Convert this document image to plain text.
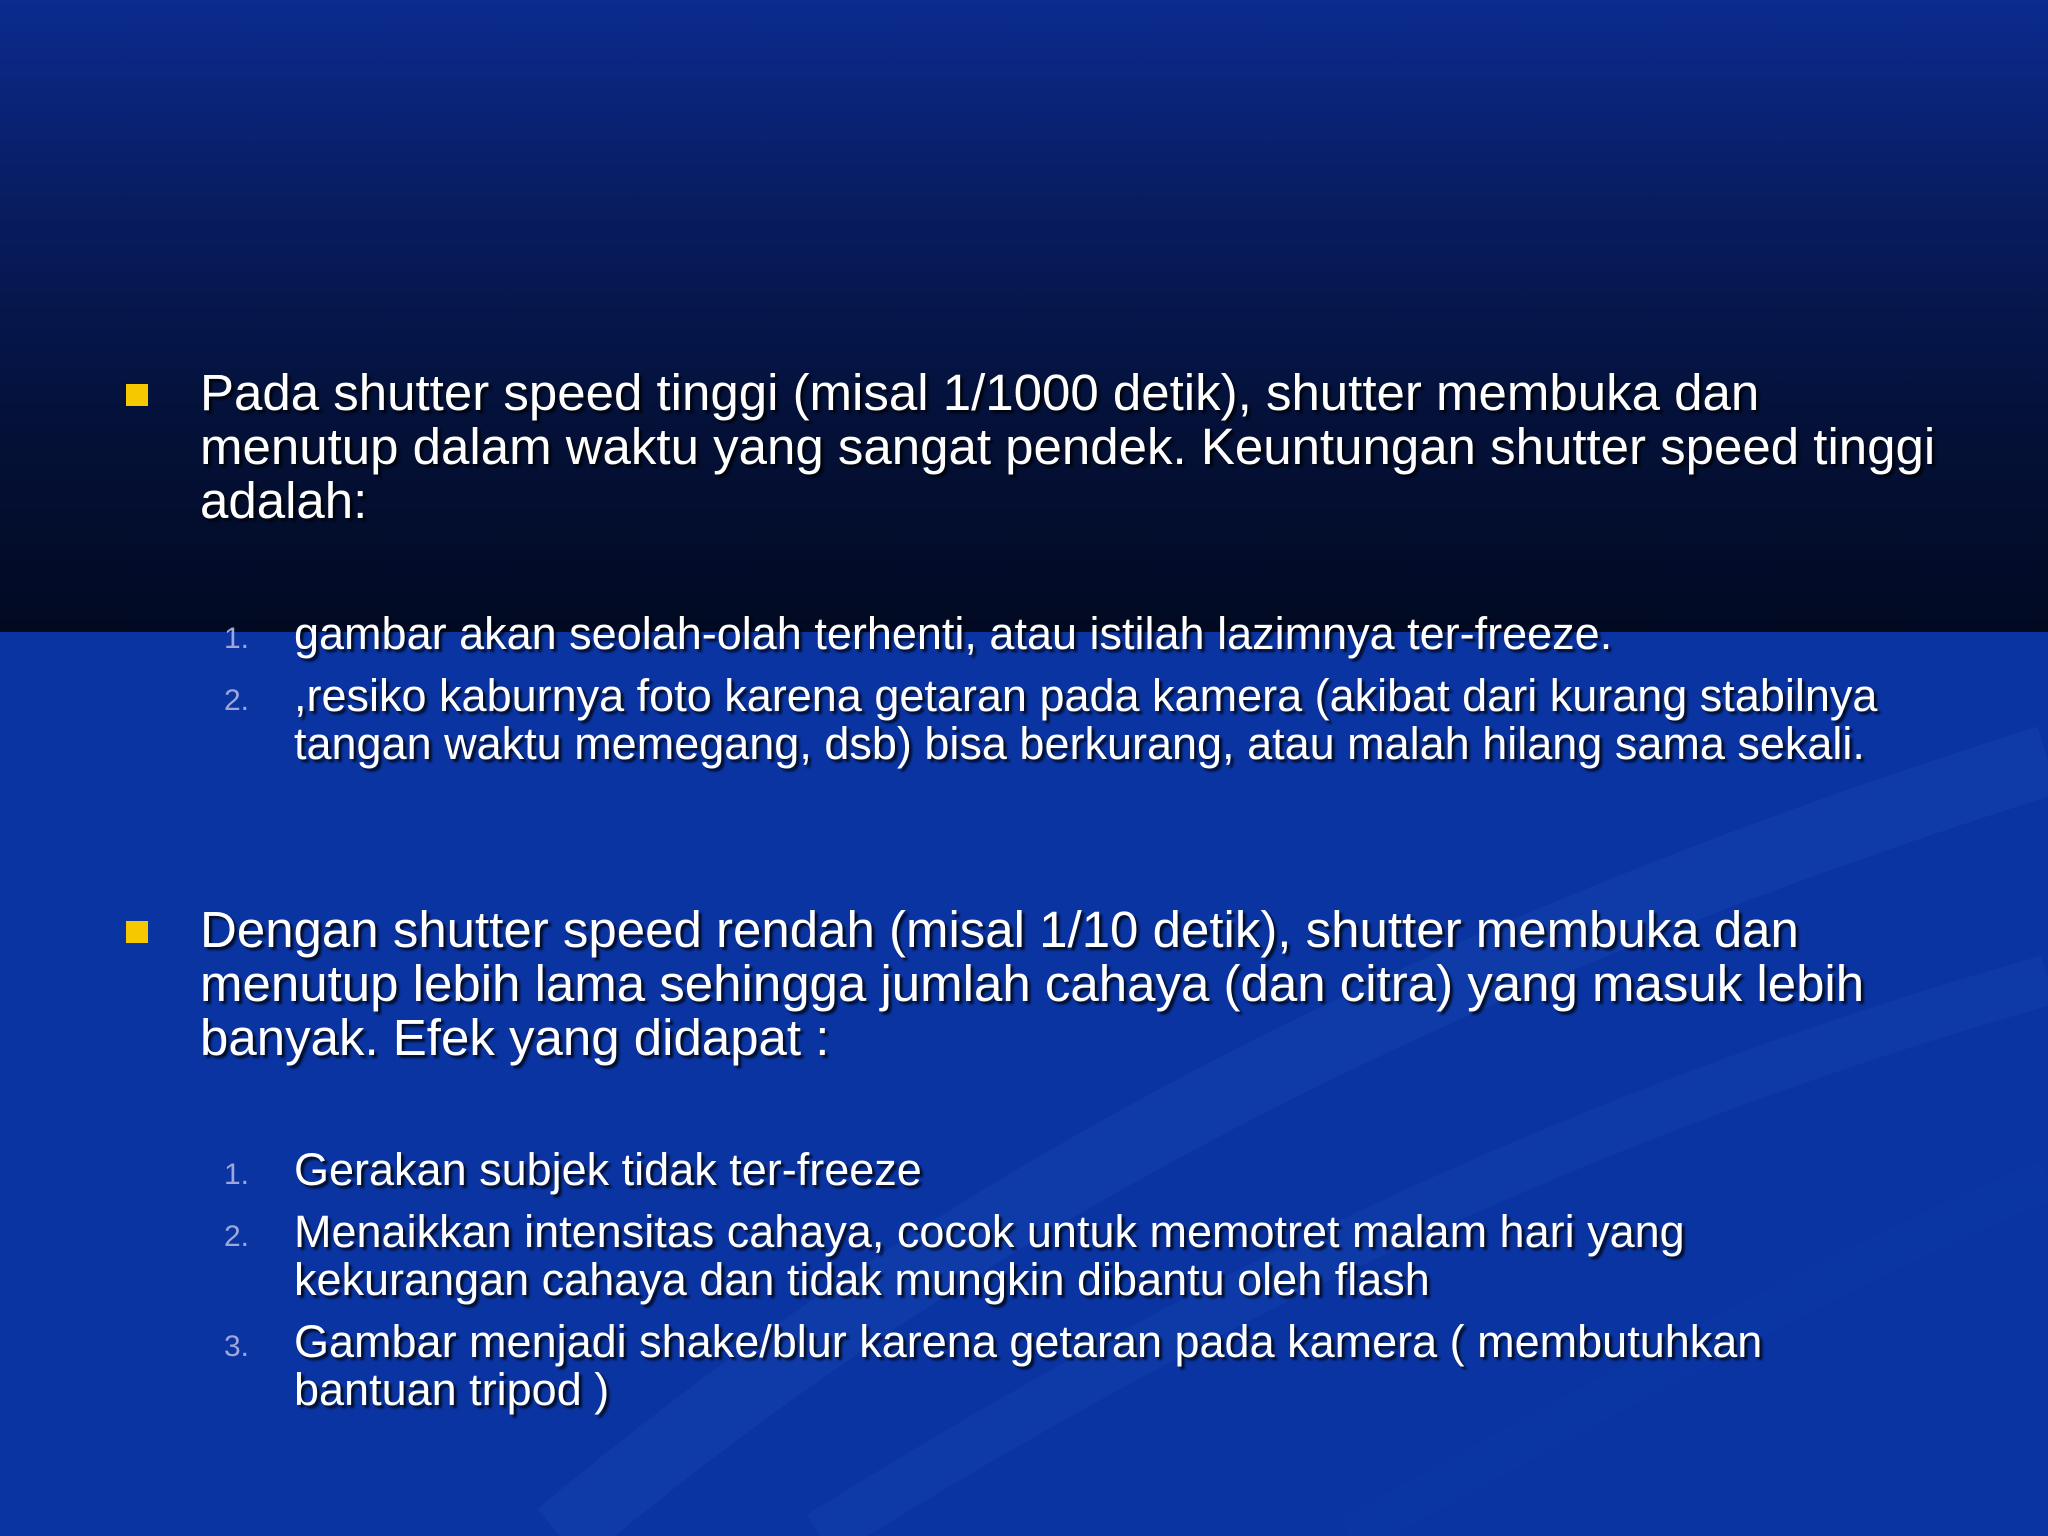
Pada shutter speed tinggi (misal 1/1000 detik), shutter membuka dan menutup dalam waktu yang sangat pendek. Keuntungan shutter speed tinggi adalah:
1. gambar akan seolah-olah terhenti, atau istilah lazimnya ter-freeze.
2. ,resiko kaburnya foto karena getaran pada kamera (akibat dari kurang stabilnya tangan waktu memegang, dsb) bisa berkurang, atau malah hilang sama sekali.
Dengan shutter speed rendah (misal 1/10 detik), shutter membuka dan menutup lebih lama sehingga jumlah cahaya (dan citra) yang masuk lebih banyak. Efek yang didapat :
1. Gerakan subjek tidak ter-freeze
2. Menaikkan intensitas cahaya, cocok untuk memotret malam hari yang kekurangan cahaya dan tidak mungkin dibantu oleh flash
3. Gambar menjadi shake/blur karena getaran pada kamera ( membutuhkan bantuan tripod )
